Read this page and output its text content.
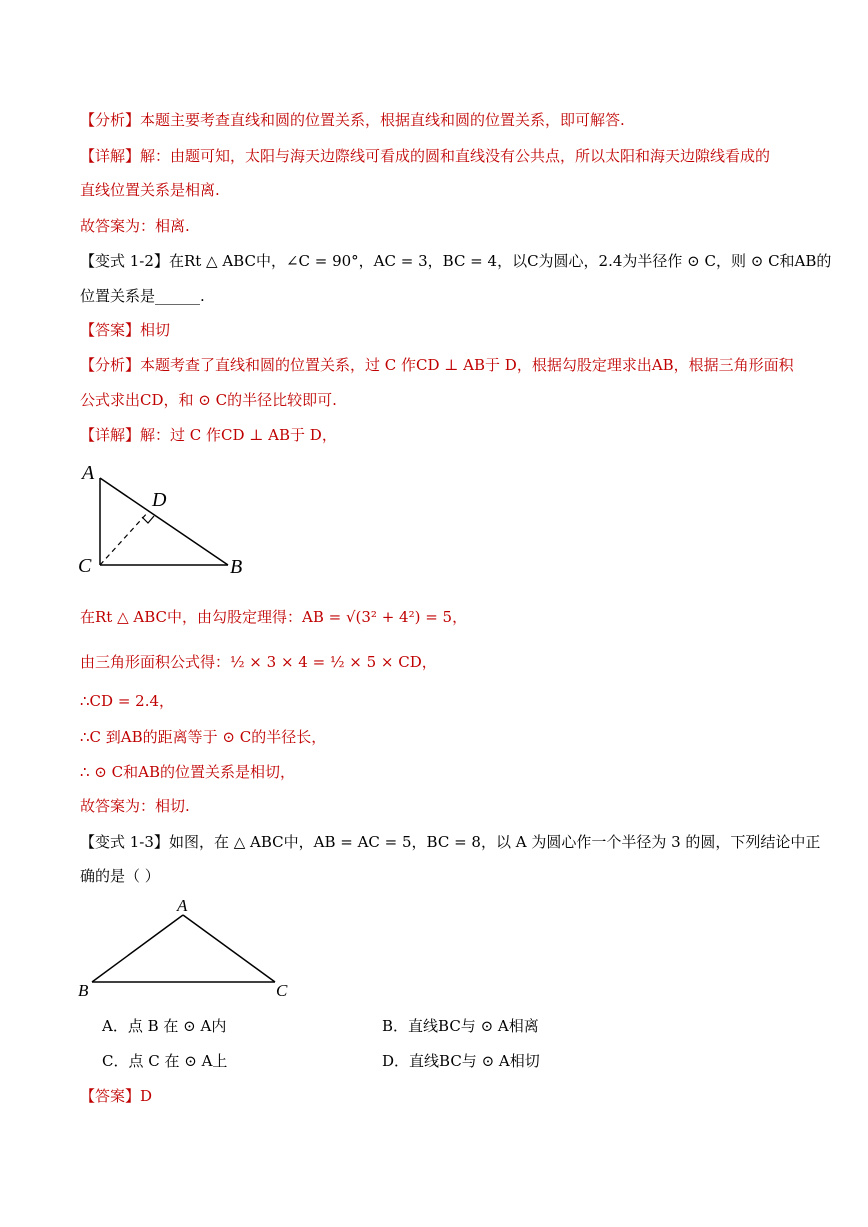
【分析】本题主要考查直线和圆的位置关系，根据直线和圆的位置关系，即可解答.
【详解】解：由题可知，太阳与海天边際线可看成的圆和直线没有公共点，所以太阳和海天边隙线看成的
直线位置关系是相离.
故答案为：相离.
【变式 1-2】在Rt △ ABC中，∠C = 90°，AC = 3，BC = 4，以C为圆心，2.4为半径作 ⊙ C，则 ⊙ C和AB的
位置关系是______.
【答案】相切
【分析】本题考查了直线和圆的位置关系，过 C 作CD ⊥ AB于 D，根据勾股定理求出AB，根据三角形面积
公式求出CD，和 ⊙ C的半径比较即可.
【详解】解：过 C 作CD ⊥ AB于 D，
A
D
C	B
在Rt △ ABC中，由勾股定理得：AB = √(3² + 4²) = 5，
由三角形面积公式得：½ × 3 × 4 = ½ × 5 × CD，
∴CD = 2.4，
∴C 到AB的距离等于 ⊙ C的半径长，
∴ ⊙ C和AB的位置关系是相切，
故答案为：相切.
【变式 1-3】如图，在 △ ABC中，AB = AC = 5，BC = 8，以 A 为圆心作一个半径为 3 的圆，下列结论中正
确的是（ ）
A
B	C
A．点 B 在 ⊙ A内	B．直线BC与 ⊙ A相离
C．点 C 在 ⊙ A上	D．直线BC与 ⊙ A相切
【答案】D
